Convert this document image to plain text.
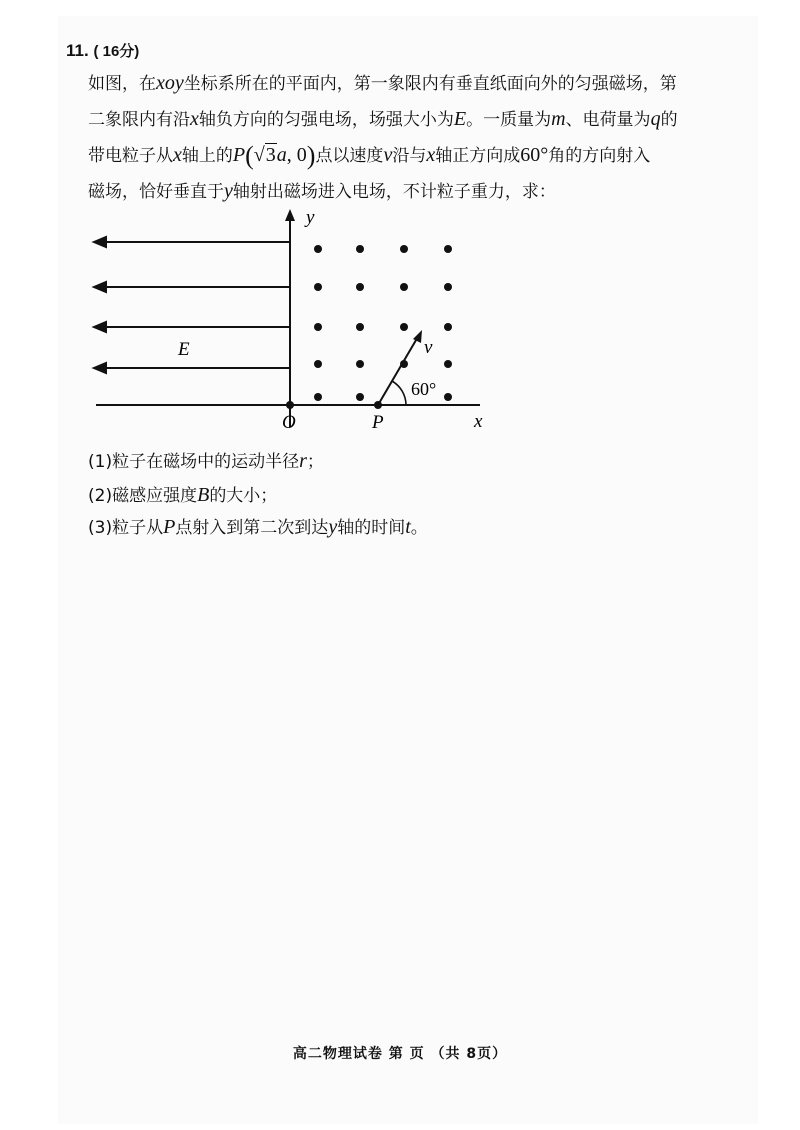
11. ( 16分)
如图，在xoy坐标系所在的平面内，第一象限内有垂直纸面向外的匀强磁场，第
二象限内有沿x轴负方向的匀强电场，场强大小为E。一质量为m、电荷量为q的
带电粒子从x轴上的P(√3a, 0)点以速度v沿与x轴正方向成60°角的方向射入
磁场，恰好垂直于y轴射出磁场进入电场，不计粒子重力，求：
y
x
O	P
E	v
60°
(1)粒子在磁场中的运动半径r；
(2)磁感应强度B的大小；
(3)粒子从P点射入到第二次到达y轴的时间t。
高二物理试卷 第 页 （共 8页）
